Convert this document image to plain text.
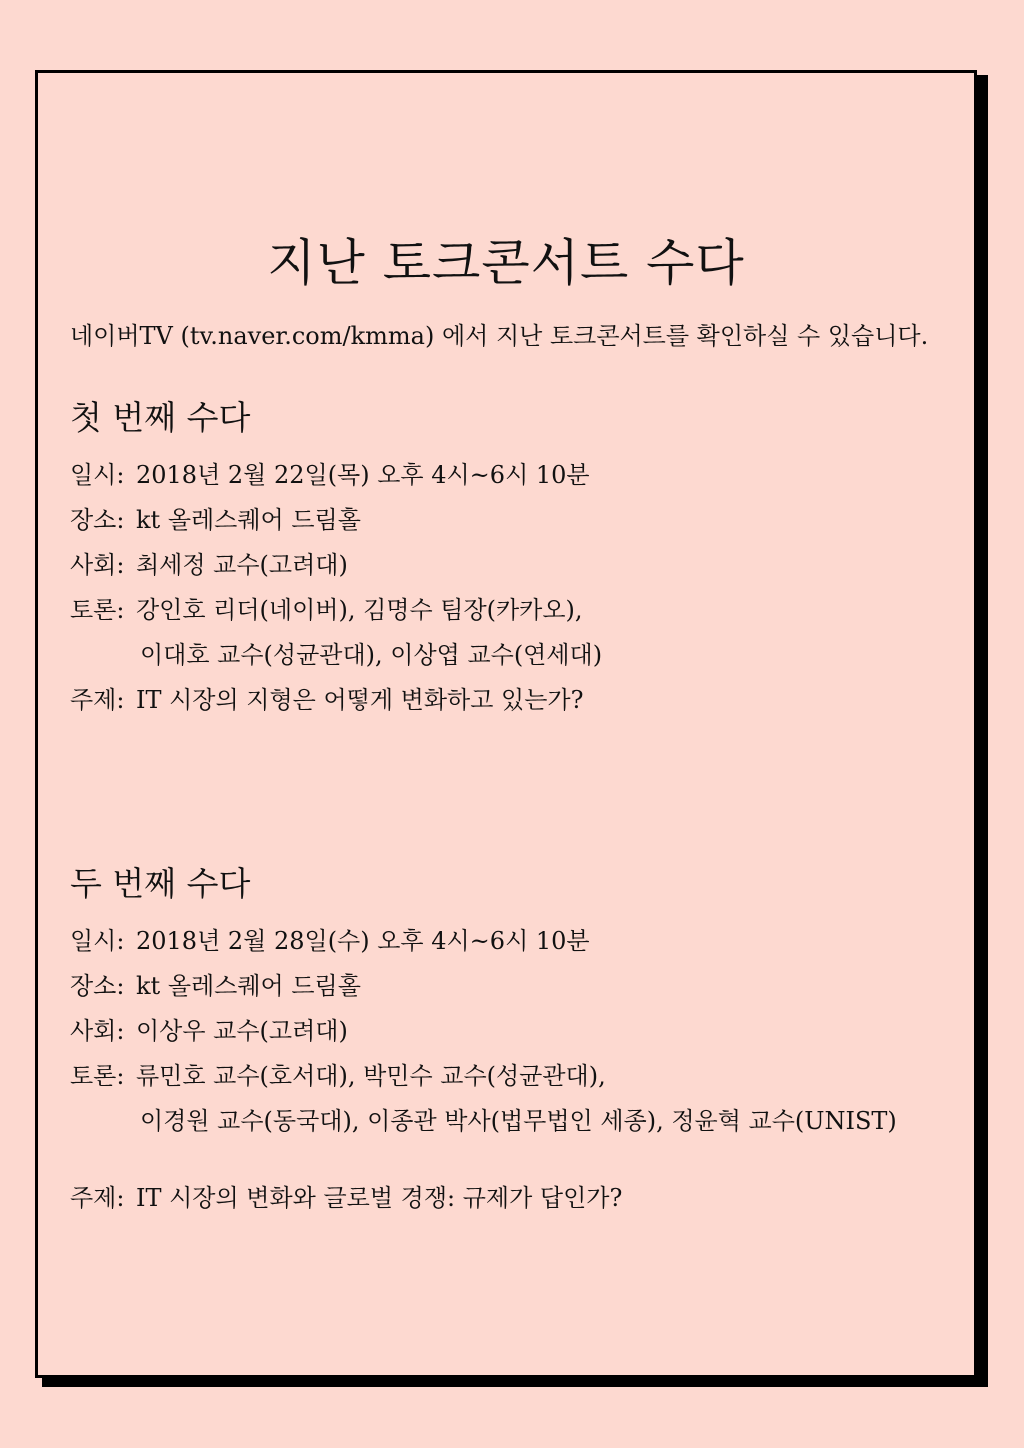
지난 토크콘서트 수다

네이버TV (tv.naver.com/kmma) 에서 지난 토크콘서트를 확인하실 수 있습니다.

첫 번째 수다
일시: 2018년 2월 22일(목) 오후 4시~6시 10분
장소: kt 올레스퀘어 드림홀
사회: 최세정 교수(고려대)
토론: 강인호 리더(네이버), 김명수 팀장(카카오),
이대호 교수(성균관대), 이상엽 교수(연세대)
주제: IT 시장의 지형은 어떻게 변화하고 있는가?
두 번째 수다
일시: 2018년 2월 28일(수) 오후 4시~6시 10분
장소: kt 올레스퀘어 드림홀
사회: 이상우 교수(고려대)
토론: 류민호 교수(호서대), 박민수 교수(성균관대),
이경원 교수(동국대), 이종관 박사(법무법인 세종), 정윤혁 교수(UNIST)
주제: IT 시장의 변화와 글로벌 경쟁: 규제가 답인가?
